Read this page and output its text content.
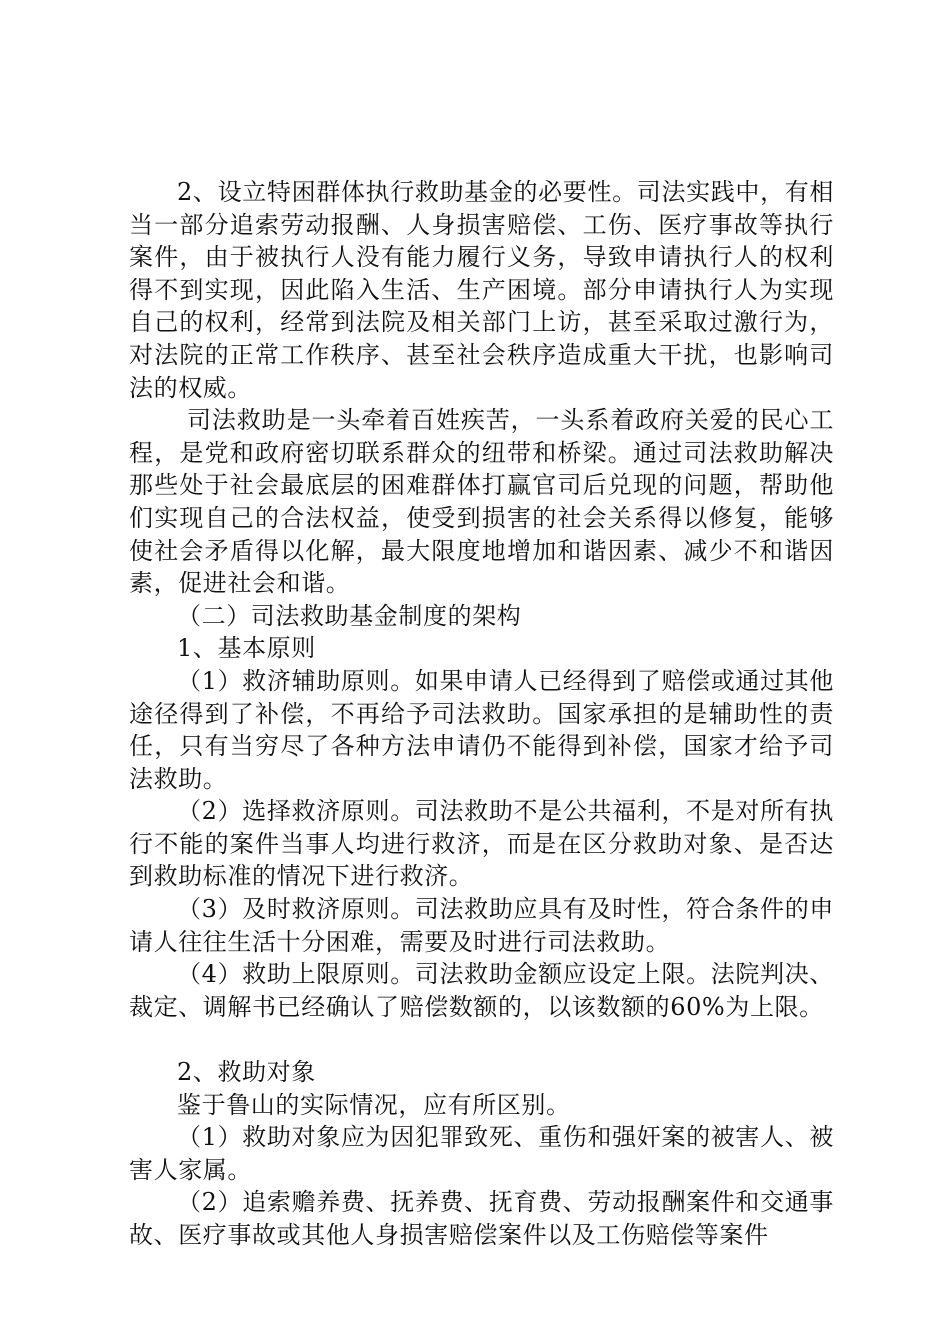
2、设立特困群体执行救助基金的必要性。司法实践中，有相当一部分追索劳动报酬、人身损害赔偿、工伤、医疗事故等执行案件，由于被执行人没有能力履行义务，导致申请执行人的权利得不到实现，因此陷入生活、生产困境。部分申请执行人为实现自己的权利，经常到法院及相关部门上访，甚至采取过激行为，对法院的正常工作秩序、甚至社会秩序造成重大干扰，也影响司法的权威。

司法救助是一头牵着百姓疾苦，一头系着政府关爱的民心工程，是党和政府密切联系群众的纽带和桥梁。通过司法救助解决那些处于社会最底层的困难群体打赢官司后兑现的问题，帮助他们实现自己的合法权益，使受到损害的社会关系得以修复，能够使社会矛盾得以化解，最大限度地增加和谐因素、减少不和谐因素，促进社会和谐。

（二）司法救助基金制度的架构

1、基本原则

（1）救济辅助原则。如果申请人已经得到了赔偿或通过其他途径得到了补偿，不再给予司法救助。国家承担的是辅助性的责任，只有当穷尽了各种方法申请仍不能得到补偿，国家才给予司法救助。

（2）选择救济原则。司法救助不是公共福利，不是对所有执行不能的案件当事人均进行救济，而是在区分救助对象、是否达到救助标准的情况下进行救济。

（3）及时救济原则。司法救助应具有及时性，符合条件的申请人往往生活十分困难，需要及时进行司法救助。

（4）救助上限原则。司法救助金额应设定上限。法院判决、裁定、调解书已经确认了赔偿数额的，以该数额的60%为上限。

2、救助对象

鉴于鲁山的实际情况，应有所区别。

（1）救助对象应为因犯罪致死、重伤和强奸案的被害人、被害人家属。

（2）追索赡养费、抚养费、抚育费、劳动报酬案件和交通事故、医疗事故或其他人身损害赔偿案件以及工伤赔偿等案件
